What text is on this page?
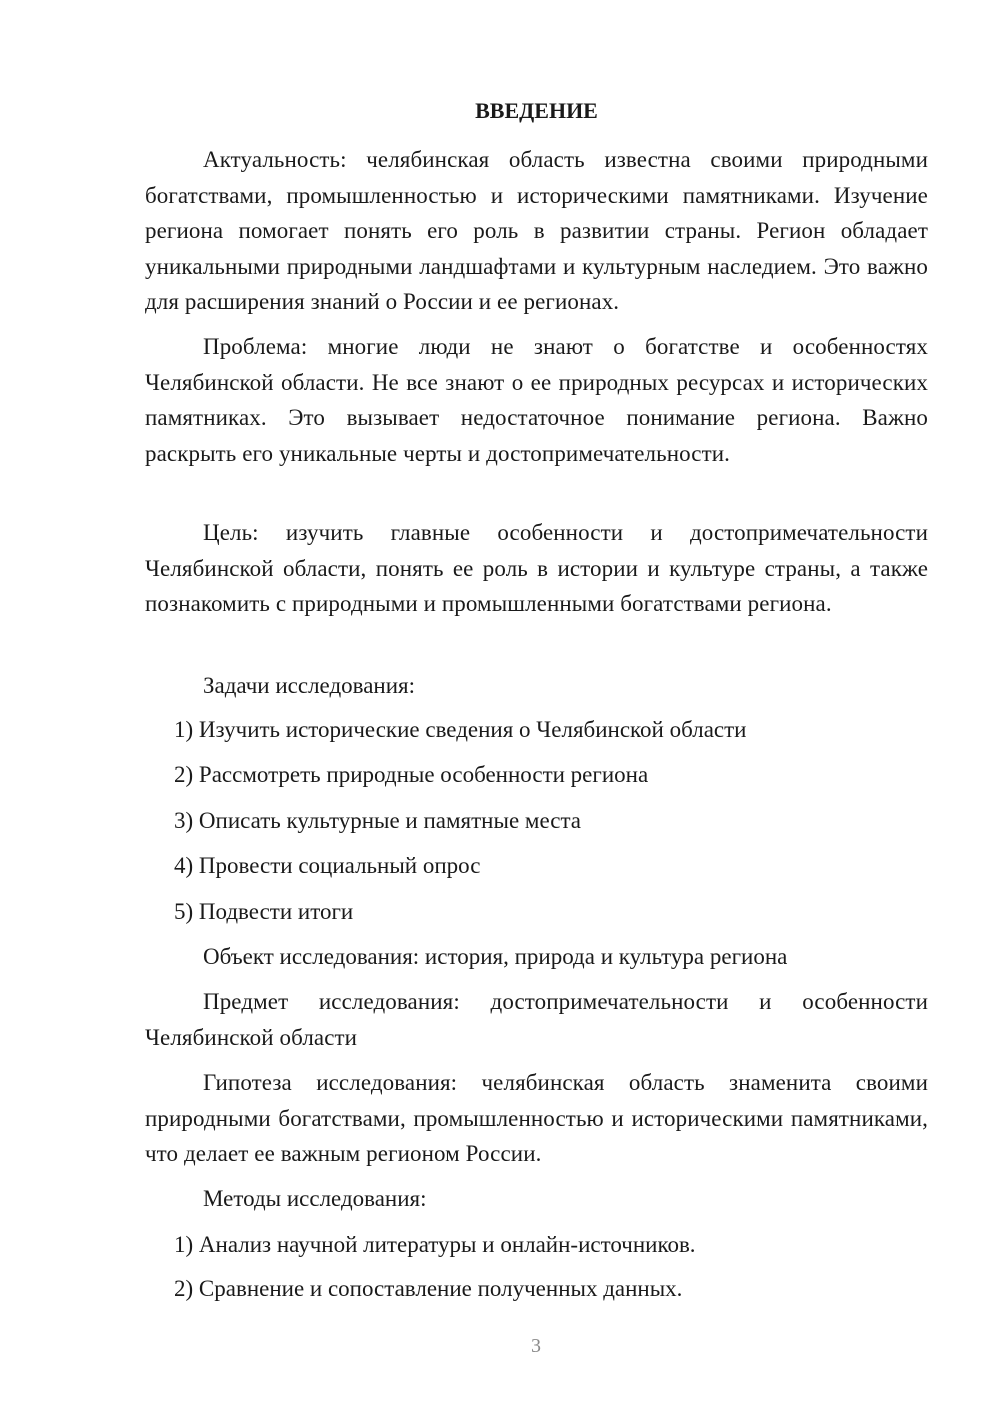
ВВЕДЕНИЕ

Актуальность: челябинская область известна своими природными богатствами, промышленностью и историческими памятниками. Изучение региона помогает понять его роль в развитии страны. Регион обладает уникальными природными ландшафтами и культурным наследием. Это важно для расширения знаний о России и ее регионах.

Проблема: многие люди не знают о богатстве и особенностях Челябинской области. Не все знают о ее природных ресурсах и исторических памятниках. Это вызывает недостаточное понимание региона. Важно раскрыть его уникальные черты и достопримечательности.

Цель: изучить главные особенности и достопримечательности Челябинской области, понять ее роль в истории и культуре страны, а также познакомить с природными и промышленными богатствами региона.

Задачи исследования:

1) Изучить исторические сведения о Челябинской области

2) Рассмотреть природные особенности региона

3) Описать культурные и памятные места

4) Провести социальный опрос

5) Подвести итоги

Объект исследования: история, природа и культура региона

Предмет исследования: достопримечательности и особенности Челябинской области

Гипотеза исследования: челябинская область знаменита своими природными богатствами, промышленностью и историческими памятниками, что делает ее важным регионом России.

Методы исследования:

1) Анализ научной литературы и онлайн-источников.

2) Сравнение и сопоставление полученных данных.

3
